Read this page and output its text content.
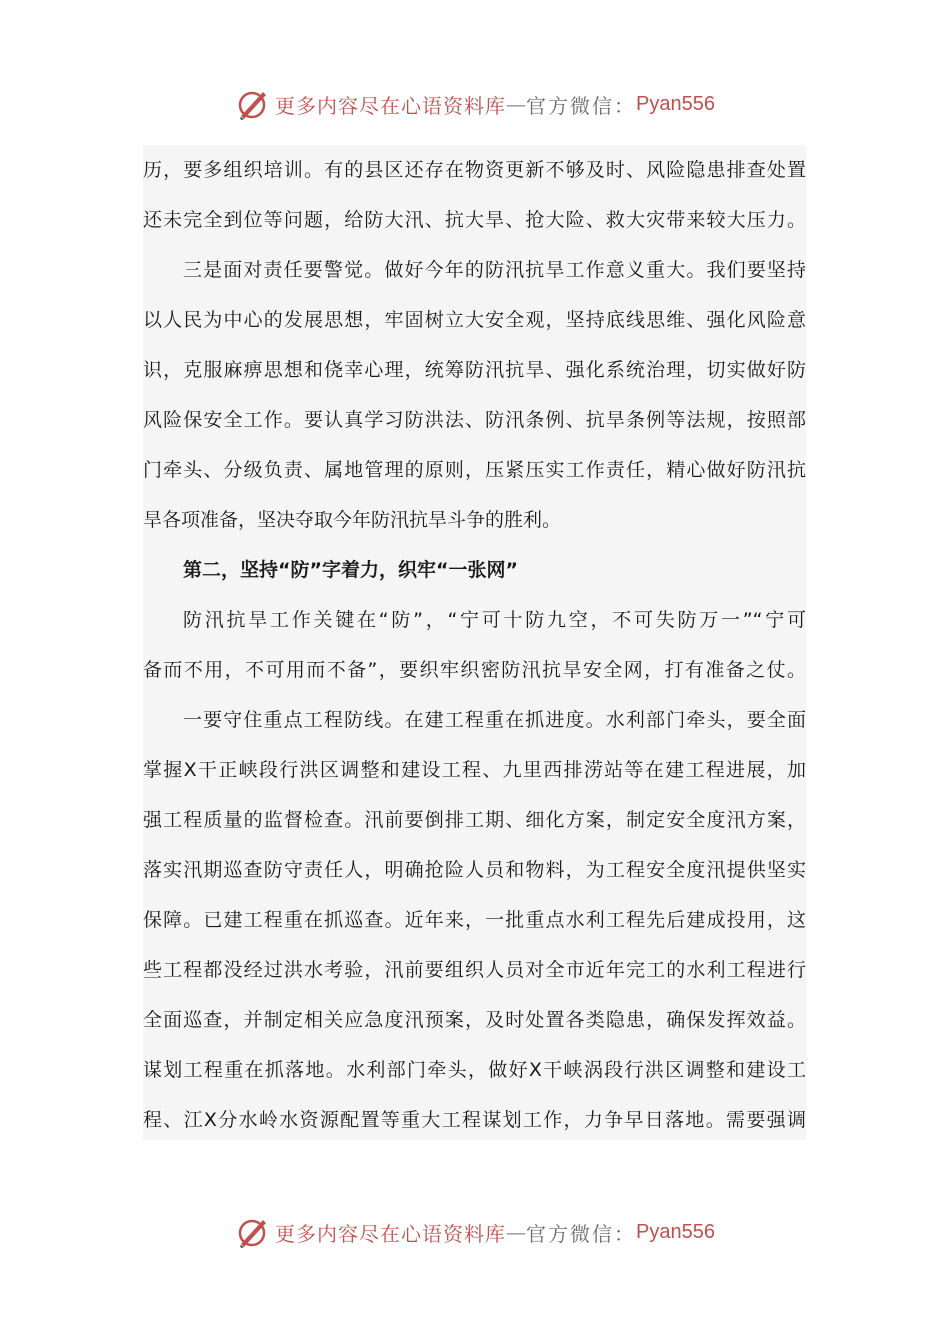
更多内容尽在心语资料库 — 官方微信： Pyan556
历，要多组织培训。有的县区还存在物资更新不够及时、风险隐患排查处置
还未完全到位等问题，给防大汛、抗大旱、抢大险、救大灾带来较大压力。
三是面对责任要警觉。做好今年的防汛抗旱工作意义重大。我们要坚持
以人民为中心的发展思想，牢固树立大安全观，坚持底线思维、强化风险意
识，克服麻痹思想和侥幸心理，统筹防汛抗旱、强化系统治理，切实做好防
风险保安全工作。要认真学习防洪法、防汛条例、抗旱条例等法规，按照部
门牵头、分级负责、属地管理的原则，压紧压实工作责任，精心做好防汛抗
旱各项准备，坚决夺取今年防汛抗旱斗争的胜利。
第二，坚持“防”字着力，织牢“一张网”
防汛抗旱工作关键在“防”，“宁可十防九空，不可失防万一”“宁可
备而不用，不可用而不备”，要织牢织密防汛抗旱安全网，打有准备之仗。
一要守住重点工程防线。在建工程重在抓进度。水利部门牵头，要全面
掌握X干正峡段行洪区调整和建设工程、九里西排涝站等在建工程进展，加
强工程质量的监督检查。汛前要倒排工期、细化方案，制定安全度汛方案，
落实汛期巡查防守责任人，明确抢险人员和物料，为工程安全度汛提供坚实
保障。已建工程重在抓巡查。近年来，一批重点水利工程先后建成投用，这
些工程都没经过洪水考验，汛前要组织人员对全市近年完工的水利工程进行
全面巡查，并制定相关应急度汛预案，及时处置各类隐患，确保发挥效益。
谋划工程重在抓落地。水利部门牵头，做好X干峡涡段行洪区调整和建设工
程、江X分水岭水资源配置等重大工程谋划工作，力争早日落地。需要强调
更多内容尽在心语资料库 — 官方微信： Pyan556
